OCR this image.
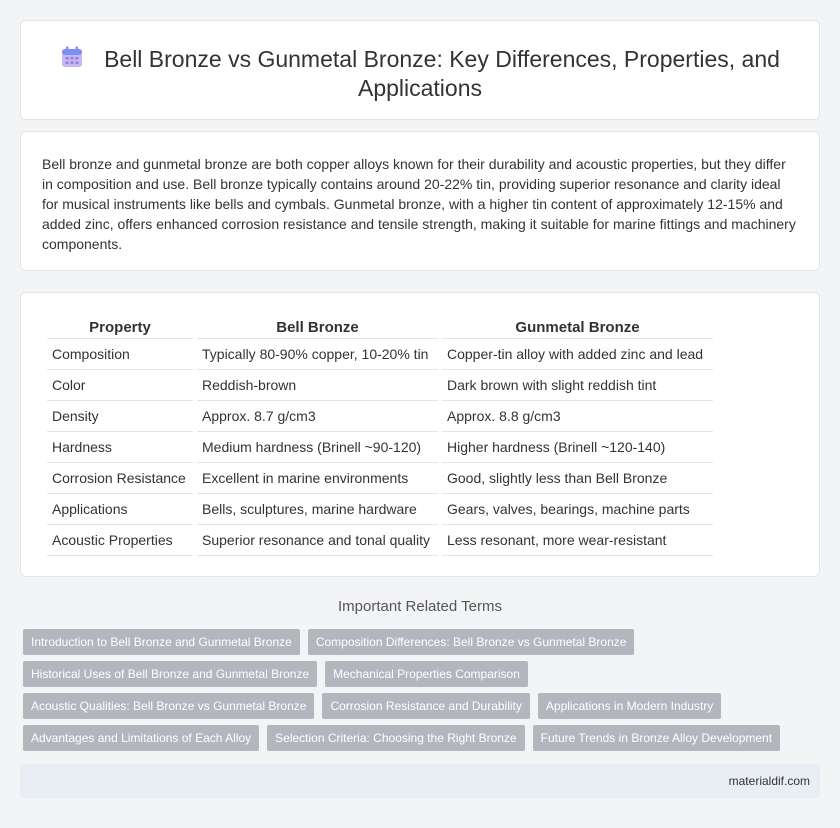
Bell Bronze vs Gunmetal Bronze: Key Differences, Properties, and Applications

Bell bronze and gunmetal bronze are both copper alloys known for their durability and acoustic properties, but they differ in composition and use. Bell bronze typically contains around 20-22% tin, providing superior resonance and clarity ideal for musical instruments like bells and cymbals. Gunmetal bronze, with a higher tin content of approximately 12-15% and added zinc, offers enhanced corrosion resistance and tensile strength, making it suitable for marine fittings and machinery components.

Property	Bell Bronze	Gunmetal Bronze
Composition	Typically 80-90% copper, 10-20% tin	Copper-tin alloy with added zinc and lead
Color	Reddish-brown	Dark brown with slight reddish tint
Density	Approx. 8.7 g/cm3	Approx. 8.8 g/cm3
Hardness	Medium hardness (Brinell ~90-120)	Higher hardness (Brinell ~120-140)
Corrosion Resistance	Excellent in marine environments	Good, slightly less than Bell Bronze
Applications	Bells, sculptures, marine hardware	Gears, valves, bearings, machine parts
Acoustic Properties	Superior resonance and tonal quality	Less resonant, more wear-resistant
Important Related Terms
Introduction to Bell Bronze and Gunmetal Bronze	Composition Differences: Bell Bronze vs Gunmetal Bronze
Historical Uses of Bell Bronze and Gunmetal Bronze	Mechanical Properties Comparison
Acoustic Qualities: Bell Bronze vs Gunmetal Bronze	Corrosion Resistance and Durability	Applications in Modern Industry
Advantages and Limitations of Each Alloy	Selection Criteria: Choosing the Right Bronze	Future Trends in Bronze Alloy Development
materialdif.com
